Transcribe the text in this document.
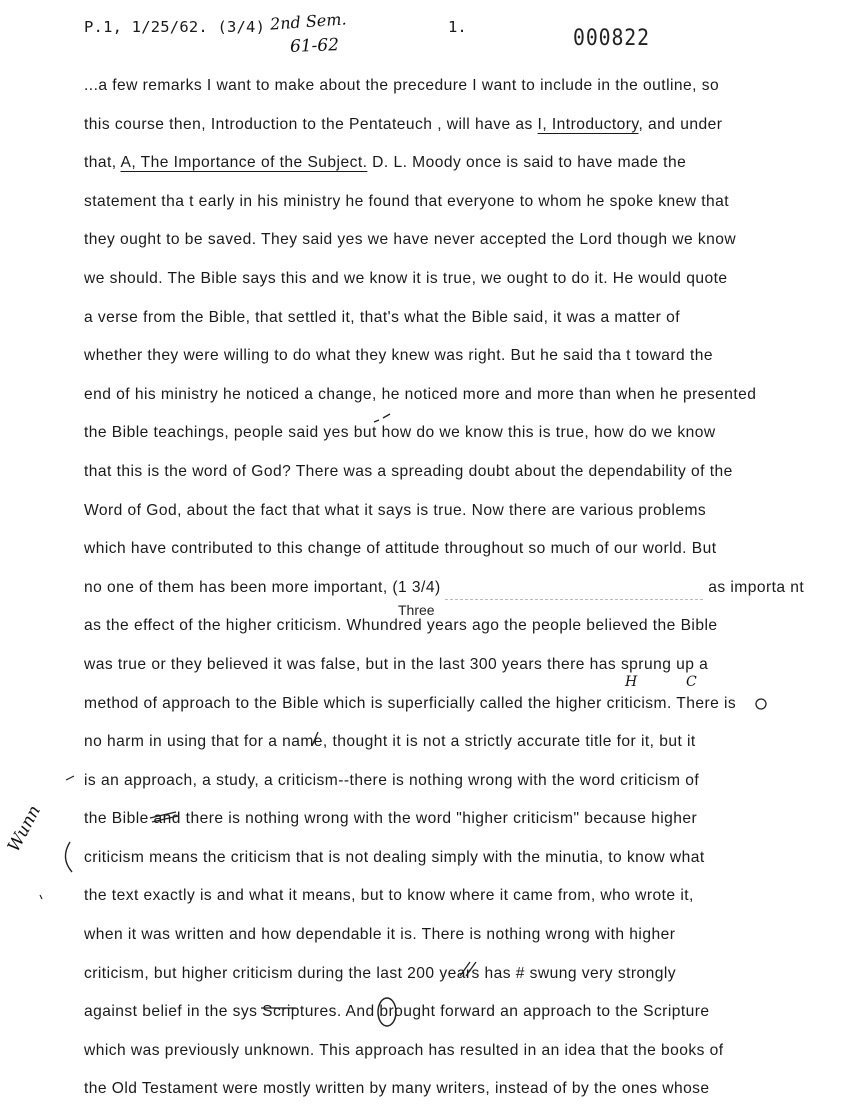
P.1, 1/25/62. (3/4) 2nd Sem.
61-62
1.	000822
...a few remarks I want to make about the precedure I want to include in the outline, so
this course then, Introduction to the Pentateuch , will have as I, Introductory, and under
that, A, The Importance of the Subject. D. L. Moody once is said to have made the
statement tha t early in his ministry he found that everyone to whom he spoke knew that
they ought to be saved. They said yes we have never accepted the Lord though we know
we should. The Bible says this and we know it is true, we ought to do it. He would quote
a verse from the Bible, that settled it, that's what the Bible said, it was a matter of
whether they were willing to do what they knew was right. But he said tha t toward the
end of his ministry he noticed a change, he noticed more and more than when he presented
the Bible teachings, people said yes but how do we know this is true, how do we know
that this is the word of God? There was a spreading doubt about the dependability of the
Word of God, about the fact that what it says is true. Now there are various problems
which have contributed to this change of attitude throughout so much of our world. But
no one of them has been more important, (1 3/4)	as importa nt
as the effect of the higher criticism. Whundred years ago the people believed the Bible
was true or they believed it was false, but in the last 300 years there has sprung up a
method of approach to the Bible which is superficially called the higher criticism. There is
no harm in using that for a name, thought it is not a strictly accurate title for it, but it
is an approach, a study, a criticism--there is nothing wrong with the word criticism of
the Bible and there is nothing wrong with the word "higher criticism" because higher
criticism means the criticism that is not dealing simply with the minutia, to know what
the text exactly is and what it means, but to know where it came from, who wrote it,
when it was written and how dependable it is. There is nothing wrong with higher
criticism, but higher criticism during the last 200 years has # swung very strongly
against belief in the sys Scriptures. And brought forward an approach to the Scripture
which was previously unknown. This approach has resulted in an idea that the books of
the Old Testament were mostly written by many writers, instead of by the ones whose
Three
H	C
Wunn
